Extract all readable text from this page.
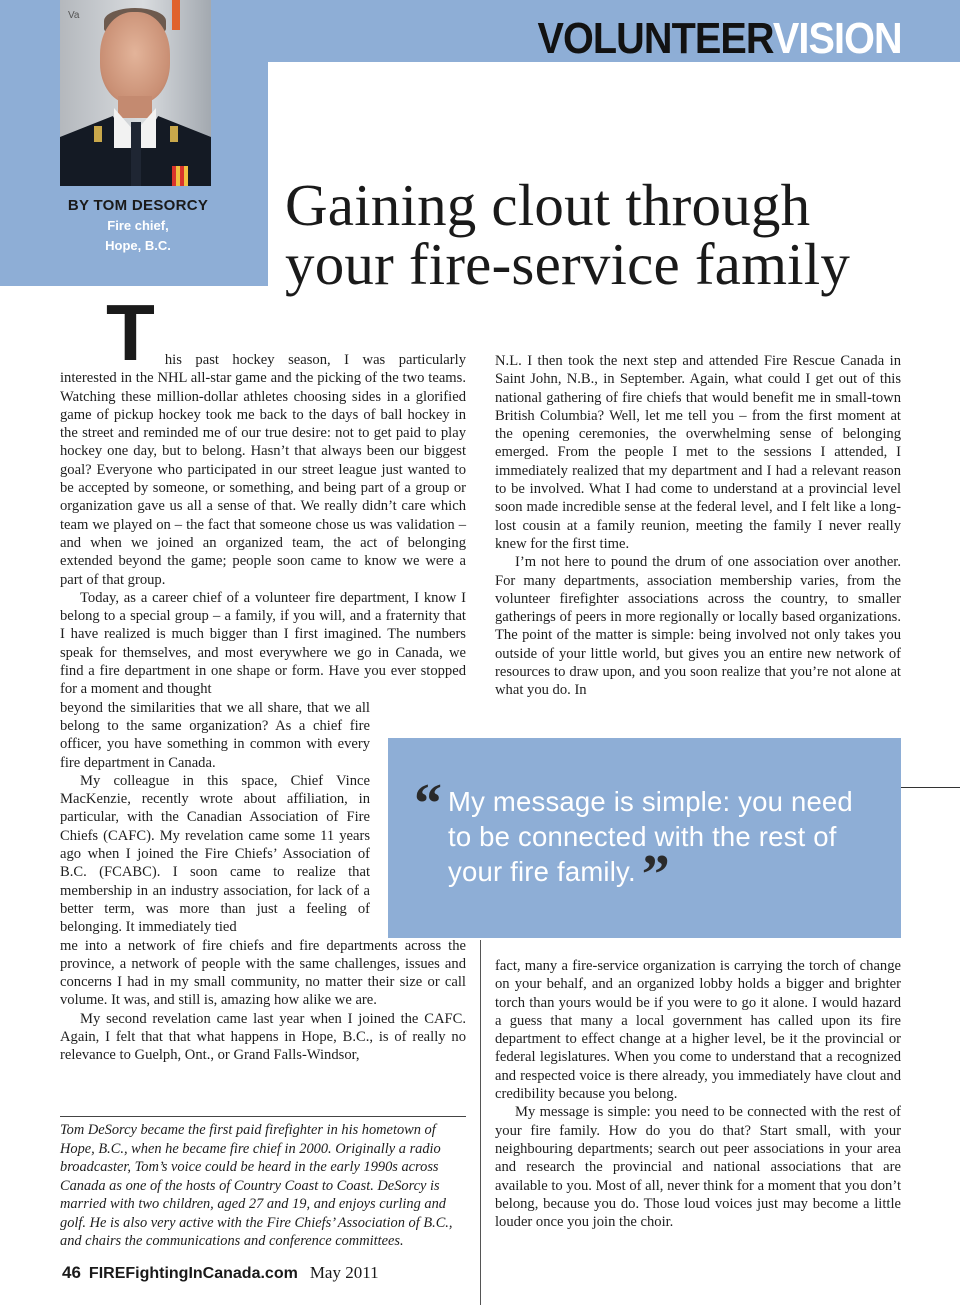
Va
BY TOM DESORCY
Fire chief,
Hope, B.C.
VOLUNTEERVISION
Gaining clout through
your fire-service family

This past hockey season, I was particularly interested in the NHL all-star game and the picking of the two teams. Watching these million-dollar athletes choosing sides in a glorified game of pickup hockey took me back to the days of ball hockey in the street and reminded me of our true desire: not to get paid to play hockey one day, but to belong. Hasn’t that always been our biggest goal? Everyone who participated in our street league just wanted to be accepted by someone, or something, and being part of a group or organization gave us all a sense of that. We really didn’t care which team we played on – the fact that someone chose us was validation – and when we joined an organized team, the act of belonging extended beyond the game; people soon came to know we were a part of that group.

Today, as a career chief of a volunteer fire department, I know I belong to a special group – a family, if you will, and a fraternity that I have realized is much bigger than I first imagined. The numbers speak for themselves, and most everywhere we go in Canada, we find a fire department in one shape or form. Have you ever stopped for a moment and thought

beyond the similarities that we all share, that we all belong to the same organization? As a chief fire officer, you have something in common with every fire department in Canada.

My colleague in this space, Chief Vince MacKenzie, recently wrote about affiliation, in particular, with the Canadian Association of Fire Chiefs (CAFC). My revelation came some 11 years ago when I joined the Fire Chiefs’ Association of B.C. (FCABC). I soon came to realize that membership in an industry association, for lack of a better term, was more than just a feeling of belonging. It immediately tied

me into a network of fire chiefs and fire departments across the province, a network of people with the same challenges, issues and concerns I had in my small community, no matter their size or call volume. It was, and still is, amazing how alike we are.

My second revelation came last year when I joined the CAFC. Again, I felt that that what happens in Hope, B.C., is of really no relevance to Guelph, Ont., or Grand Falls-Windsor,

N.L. I then took the next step and attended Fire Rescue Canada in Saint John, N.B., in September. Again, what could I get out of this national gathering of fire chiefs that would benefit me in small-town British Columbia? Well, let me tell you – from the first moment at the opening ceremonies, the overwhelming sense of belonging emerged. From the people I met to the sessions I attended, I immediately realized that my department and I had a relevant reason to be involved. What I had come to understand at a provincial level soon made incredible sense at the federal level, and I felt like a long-lost cousin at a family reunion, meeting the family I never really knew for the first time.

I’m not here to pound the drum of one association over another. For many departments, association membership varies, from the volunteer firefighter associations across the country, to smaller gatherings of peers in more regionally or locally based organizations. The point of the matter is simple: being involved not only takes you outside of your little world, but gives you an entire new network of resources to draw upon, and you soon realize that you’re not alone at what you do. In

“ My message is simple: you need to be connected with the rest of your fire family. ”

fact, many a fire-service organization is carrying the torch of change on your behalf, and an organized lobby holds a bigger and brighter torch than yours would be if you were to go it alone. I would hazard a guess that many a local government has called upon its fire department to effect change at a higher level, be it the provincial or federal legislatures. When you come to understand that a recognized and respected voice is there already, you immediately have clout and credibility because you belong.

My message is simple: you need to be connected with the rest of your fire family. How do you do that? Start small, with your neighbouring departments; search out peer associations in your area and research the provincial and national associations that are available to you. Most of all, never think for a moment that you don’t belong, because you do. Those loud voices just may become a little louder once you join the choir.

Tom DeSorcy became the first paid firefighter in his hometown of Hope, B.C., when he became fire chief in 2000. Originally a radio broadcaster, Tom’s voice could be heard in the early 1990s across Canada as one of the hosts of Country Coast to Coast. DeSorcy is married with two children, aged 27 and 19, and enjoys curling and golf. He is also very active with the Fire Chiefs’ Association of B.C., and chairs the communications and conference committees.

46 FIREFightingInCanada.com May 2011
